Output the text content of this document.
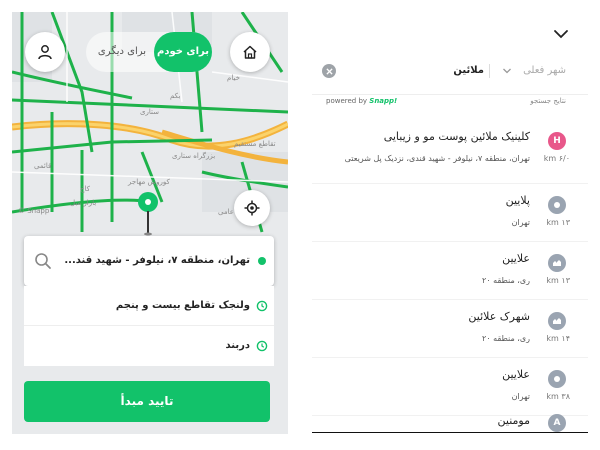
خیام
بکم
ستاری
تقاطع مستقیم
بزرگراه ستاری
کوروش مهاجر
کاخ
عامی
بازار مبل
قائمی
© Snapp
برای دیگری	برای خودم
تهران، منطقه ۷، نیلوفر - شهید قند...
ولنجک تقاطع بیست و پنجم
دربند
تایید مبدأ
شهر فعلی
ملائین
نتایج جستجو
powered by Snapp!
H
کلینیک ملائین پوست مو و زیبایی
تهران، منطقه ۷، نیلوفر - شهید قندی، نزدیک پل شریعتی ۶/۰ km
پلایین
تهران ۱۳ km
علایین
ری، منطقه ۲۰ ۱۳ km
شهرک علائین
ری، منطقه ۲۰ ۱۴ km
علایین
تهران ۳۸ km
A
مومنین
